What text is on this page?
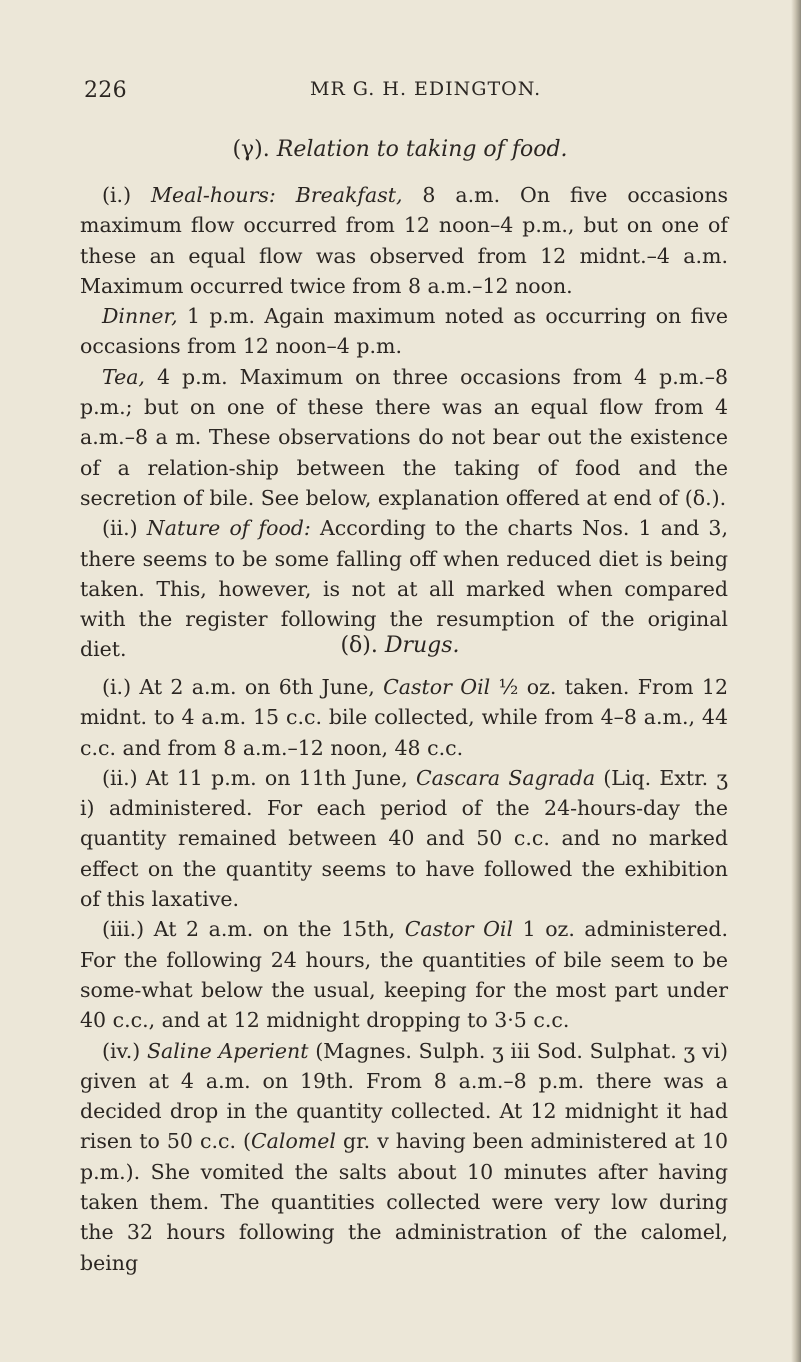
226	MR G. H. EDINGTON.
(γ). Relation to taking of food.

(i.) Meal-hours: Breakfast, 8 a.m. On five occasions maximum flow occurred from 12 noon–4 p.m., but on one of these an equal flow was observed from 12 midnt.–4 a.m. Maximum occurred twice from 8 a.m.–12 noon.

Dinner, 1 p.m. Again maximum noted as occurring on five occasions from 12 noon–4 p.m.

Tea, 4 p.m. Maximum on three occasions from 4 p.m.–8 p.m.; but on one of these there was an equal flow from 4 a.m.–8 a m. These observations do not bear out the existence of a relation-ship between the taking of food and the secretion of bile. See below, explanation offered at end of (δ.).

(ii.) Nature of food: According to the charts Nos. 1 and 3, there seems to be some falling off when reduced diet is being taken. This, however, is not at all marked when compared with the register following the resumption of the original diet.	(δ). Drugs.

(i.) At 2 a.m. on 6th June, Castor Oil ½ oz. taken. From 12 midnt. to 4 a.m. 15 c.c. bile collected, while from 4–8 a.m., 44 c.c. and from 8 a.m.–12 noon, 48 c.c.

(ii.) At 11 p.m. on 11th June, Cascara Sagrada (Liq. Extr. ʒ i) administered. For each period of the 24-hours-day the quantity remained between 40 and 50 c.c. and no marked effect on the quantity seems to have followed the exhibition of this laxative.

(iii.) At 2 a.m. on the 15th, Castor Oil 1 oz. administered. For the following 24 hours, the quantities of bile seem to be some-what below the usual, keeping for the most part under 40 c.c., and at 12 midnight dropping to 3·5 c.c.

(iv.) Saline Aperient (Magnes. Sulph. ʒ iii Sod. Sulphat. ʒ vi) given at 4 a.m. on 19th. From 8 a.m.–8 p.m. there was a decided drop in the quantity collected. At 12 midnight it had risen to 50 c.c. (Calomel gr. v having been administered at 10 p.m.). She vomited the salts about 10 minutes after having taken them. The quantities collected were very low during the 32 hours following the administration of the calomel, being
